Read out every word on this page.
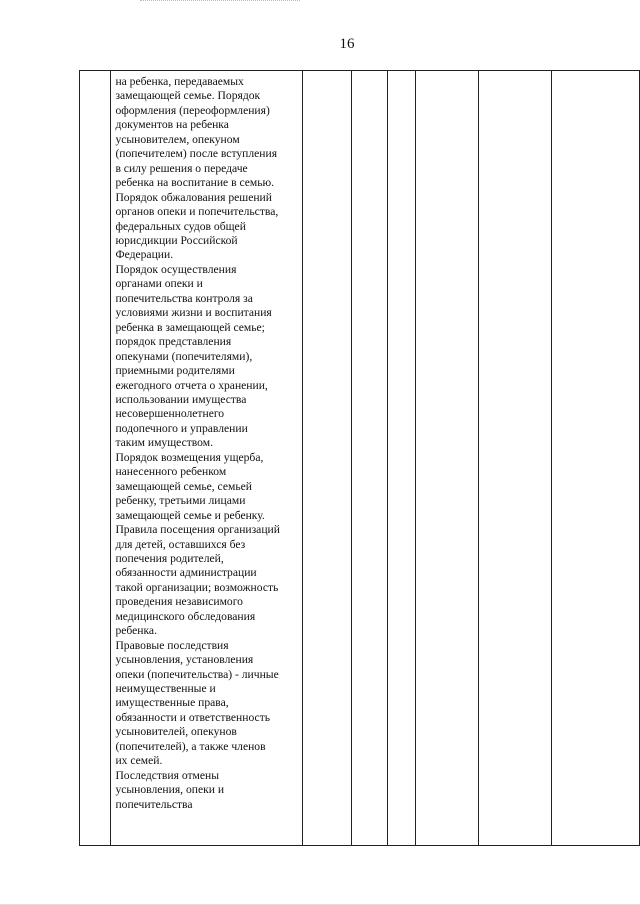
16
	на ребенка, передаваемых
замещающей семье. Порядок
оформления (переоформления)
документов на ребенка
усыновителем, опекуном
(попечителем) после вступления
в силу решения о передаче
ребенка на воспитание в семью.
Порядок обжалования решений
органов опеки и попечительства,
федеральных судов общей
юрисдикции Российской
Федерации.
Порядок осуществления
органами опеки и
попечительства контроля за
условиями жизни и воспитания
ребенка в замещающей семье;
порядок представления
опекунами (попечителями),
приемными родителями
ежегодного отчета о хранении,
использовании имущества
несовершеннолетнего
подопечного и управлении
таким имуществом.
Порядок возмещения ущерба,
нанесенного ребенком
замещающей семье, семьей
ребенку, третьими лицами
замещающей семье и ребенку.
Правила посещения организаций
для детей, оставшихся без
попечения родителей,
обязанности администрации
такой организации; возможность
проведения независимого
медицинского обследования
ребенка.
Правовые последствия
усыновления, установления
опеки (попечительства) - личные
неимущественные и
имущественные права,
обязанности и ответственность
усыновителей, опекунов
(попечителей), а также членов
их семей.
Последствия отмены
усыновления, опеки и
попечительства						
